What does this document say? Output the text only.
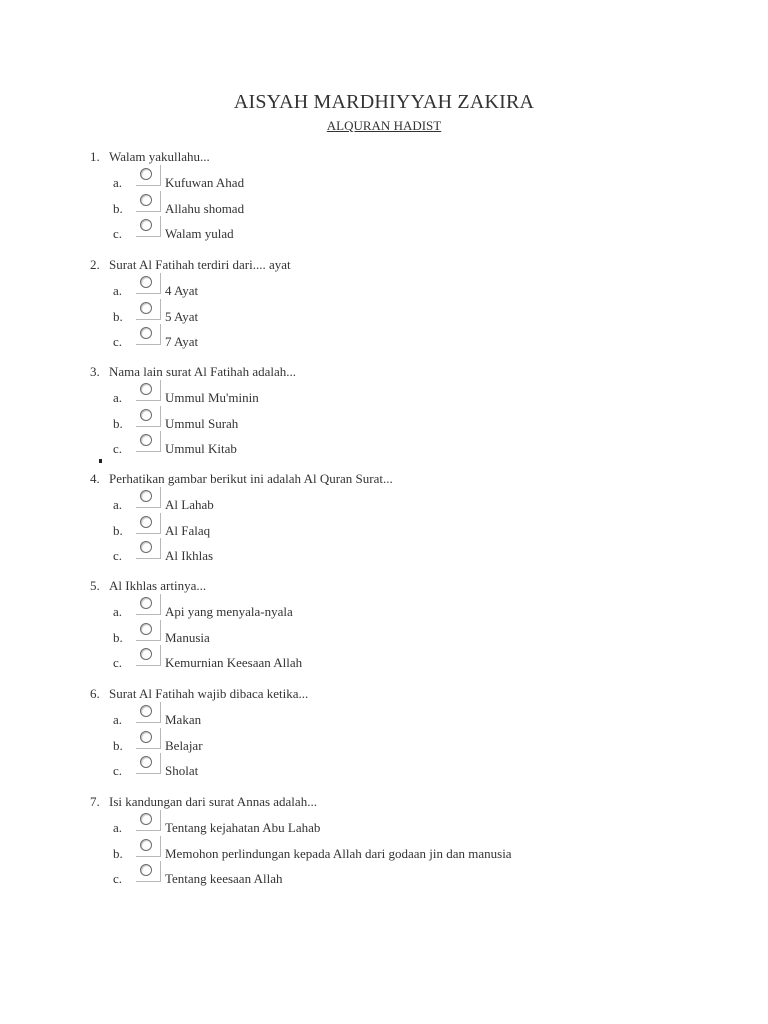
AISYAH MARDHIYYAH ZAKIRA
ALQURAN HADIST
1. Walam yakullahu...
a.	Kufuwan Ahad
b.	Allahu shomad
c.	Walam yulad
2. Surat Al Fatihah terdiri dari.... ayat
a.	4 Ayat
b.	5 Ayat
c.	7 Ayat
3. Nama lain surat Al Fatihah adalah...
a.	Ummul Mu'minin
b.	Ummul Surah
c.	Ummul Kitab
4. Perhatikan gambar berikut ini adalah Al Quran Surat...
a.	Al Lahab
b.	Al Falaq
c.	Al Ikhlas
5. Al Ikhlas artinya...
a.	Api yang menyala-nyala
b.	Manusia
c.	Kemurnian Keesaan Allah
6. Surat Al Fatihah wajib dibaca ketika...
a.	Makan
b.	Belajar
c.	Sholat
7. Isi kandungan dari surat Annas adalah...
a.	Tentang kejahatan Abu Lahab
b.	Memohon perlindungan kepada Allah dari godaan jin dan manusia
c.	Tentang keesaan Allah
